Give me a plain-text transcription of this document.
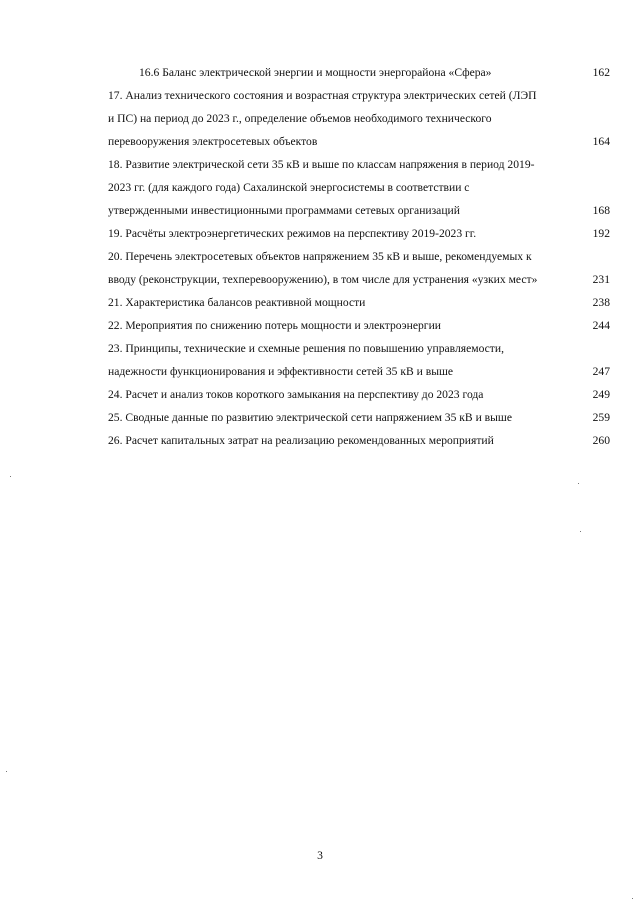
16.6 Баланс электрической энергии и мощности энергорайона «Сфера»	162
17. Анализ технического состояния и возрастная структура электрических сетей (ЛЭП
и ПС) на период до 2023 г., определение объемов необходимого технического
перевооружения электросетевых объектов	164
18. Развитие электрической сети 35 кВ и выше по классам напряжения в период 2019-
2023 гг. (для каждого года) Сахалинской энергосистемы в соответствии с
утвержденными инвестиционными программами сетевых организаций	168
19. Расчёты электроэнергетических режимов на перспективу 2019-2023 гг.	192
20. Перечень электросетевых объектов напряжением 35 кВ и выше, рекомендуемых к
вводу (реконструкции, техперевооружению), в том числе для устранения «узких мест»	231
21. Характеристика балансов реактивной мощности	238
22. Мероприятия по снижению потерь мощности и электроэнергии	244
23. Принципы, технические и схемные решения по повышению управляемости,
надежности функционирования и эффективности сетей 35 кВ и выше	247
24. Расчет и анализ токов короткого замыкания на перспективу до 2023 года	249
25. Сводные данные по развитию электрической сети напряжением 35 кВ и выше	259
26. Расчет капитальных затрат на реализацию рекомендованных мероприятий	260
3
